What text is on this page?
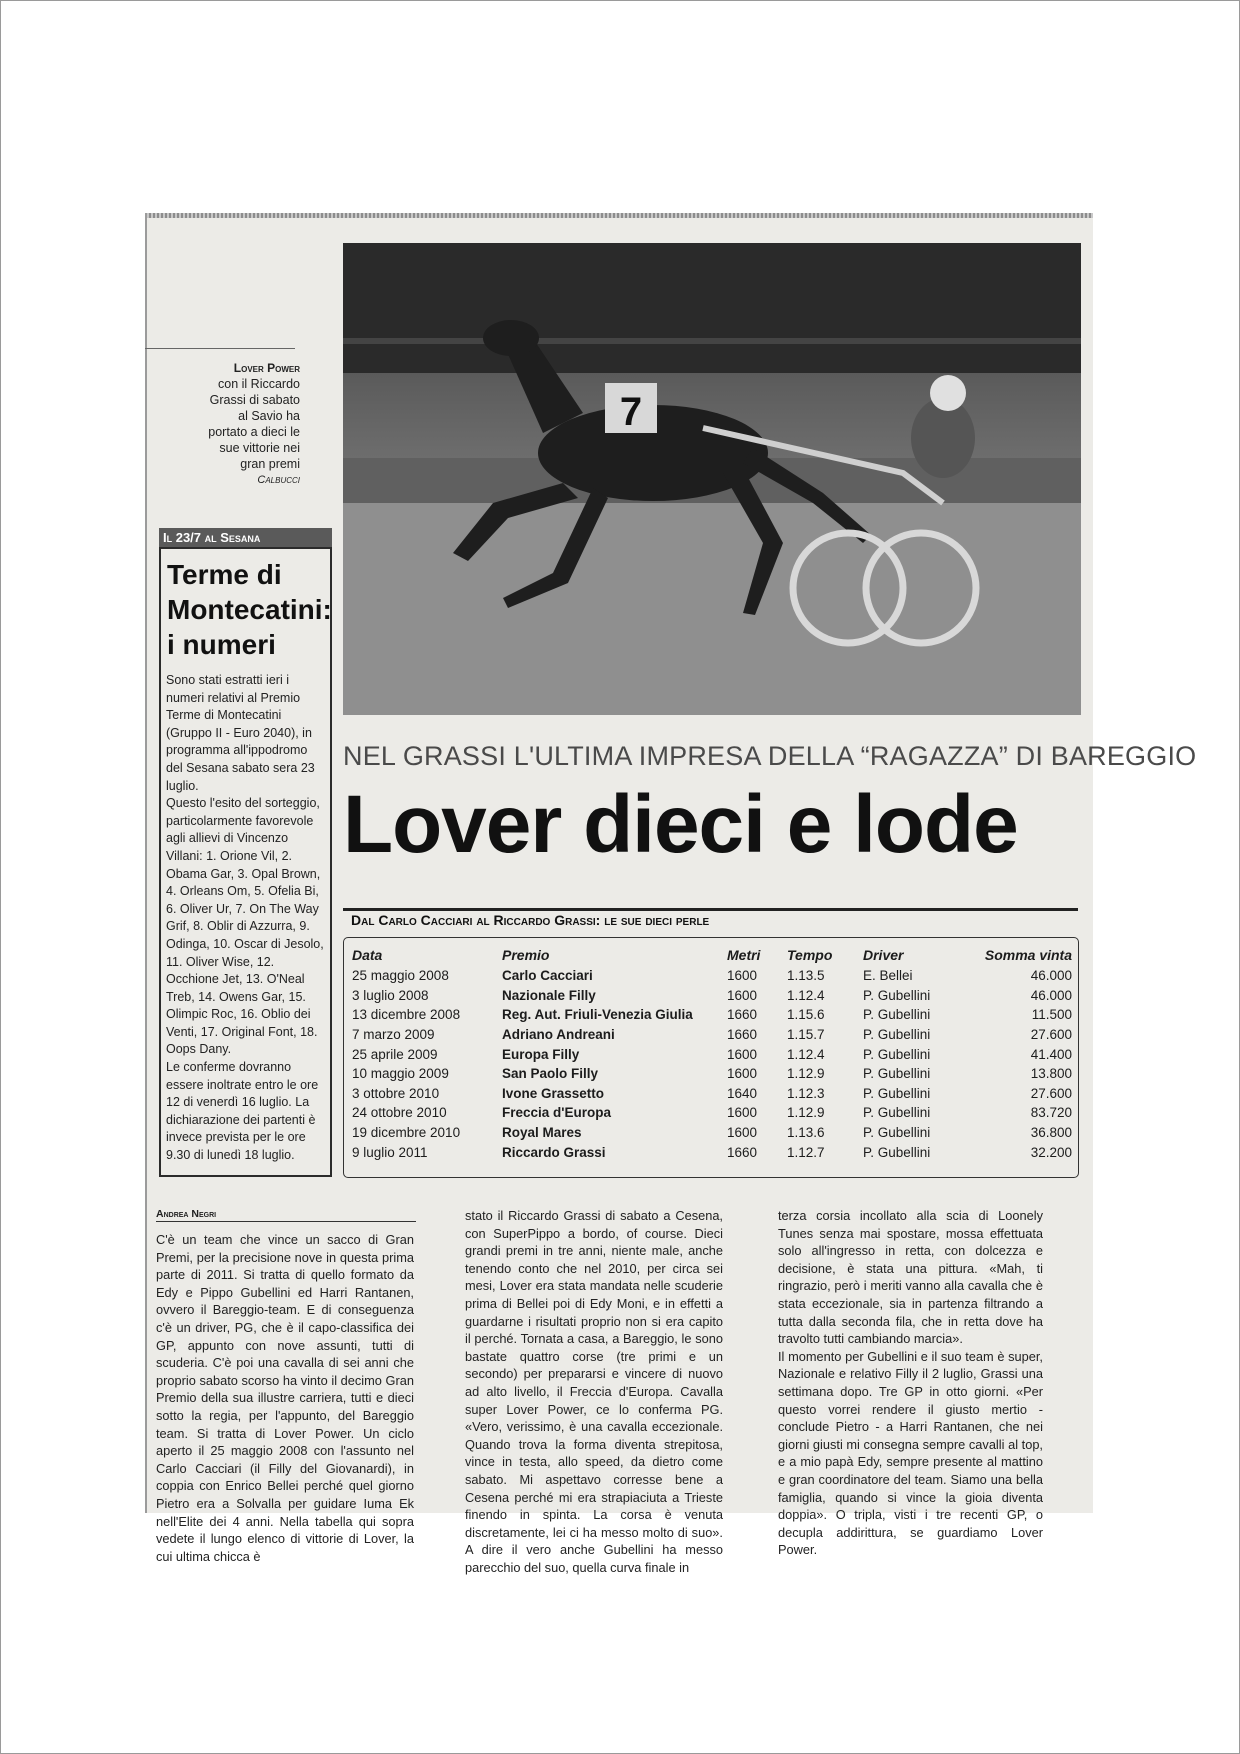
Lover Power
con il Riccardo Grassi di sabato al Savio ha portato a dieci le sue vittorie nei gran premi
Calbucci
7
Il 23/7 al Sesana
Terme di Montecatini: i numeri

Sono stati estratti ieri i numeri relativi al Premio Terme di Montecatini (Gruppo II - Euro 2040), in programma all'ippodromo del Sesana sabato sera 23 luglio.

Questo l'esito del sorteggio, particolarmente favorevole agli allievi di Vincenzo Villani: 1. Orione Vil, 2. Obama Gar, 3. Opal Brown, 4. Orleans Om, 5. Ofelia Bi, 6. Oliver Ur, 7. On The Way Grif, 8. Oblir di Azzurra, 9. Odinga, 10. Oscar di Jesolo, 11. Oliver Wise, 12. Occhione Jet, 13. O'Neal Treb, 14. Owens Gar, 15. Olimpic Roc, 16. Oblio dei Venti, 17. Original Font, 18. Oops Dany.

Le conferme dovranno essere inoltrate entro le ore 12 di venerdì 16 luglio. La dichiarazione dei partenti è invece prevista per le ore 9.30 di lunedì 18 luglio.

NEL GRASSI L'ULTIMA IMPRESA DELLA “RAGAZZA” DI BAREGGIO
Lover dieci e lode
Dal Carlo Cacciari al Riccardo Grassi: le sue dieci perle
Data	Premio	Metri	Tempo	Driver	Somma vinta
25 maggio 2008	Carlo Cacciari	1600	1.13.5	E. Bellei	46.000
3 luglio 2008	Nazionale Filly	1600	1.12.4	P. Gubellini	46.000
13 dicembre 2008	Reg. Aut. Friuli-Venezia Giulia	1660	1.15.6	P. Gubellini	11.500
7 marzo 2009	Adriano Andreani	1660	1.15.7	P. Gubellini	27.600
25 aprile 2009	Europa Filly	1600	1.12.4	P. Gubellini	41.400
10 maggio 2009	San Paolo Filly	1600	1.12.9	P. Gubellini	13.800
3 ottobre 2010	Ivone Grassetto	1640	1.12.3	P. Gubellini	27.600
24 ottobre 2010	Freccia d'Europa	1600	1.12.9	P. Gubellini	83.720
19 dicembre 2010	Royal Mares	1600	1.13.6	P. Gubellini	36.800
9 luglio 2011	Riccardo Grassi	1660	1.12.7	P. Gubellini	32.200
Andrea Negri

C'è un team che vince un sacco di Gran Premi, per la precisione nove in questa prima parte di 2011. Si tratta di quello formato da Edy e Pippo Gubellini ed Harri Rantanen, ovvero il Bareggio-team. E di conseguenza c'è un driver, PG, che è il capo-classifica dei GP, appunto con nove assunti, tutti di scuderia. C'è poi una cavalla di sei anni che proprio sabato scorso ha vinto il decimo Gran Premio della sua illustre carriera, tutti e dieci sotto la regia, per l'appunto, del Bareggio team. Si tratta di Lover Power. Un ciclo aperto il 25 maggio 2008 con l'assunto nel Carlo Cacciari (il Filly del Giovanardi), in coppia con Enrico Bellei perché quel giorno Pietro era a Solvalla per guidare Iuma Ek nell'Elite dei 4 anni. Nella tabella qui sopra vedete il lungo elenco di vittorie di Lover, la cui ultima chicca è

stato il Riccardo Grassi di sabato a Cesena, con SuperPippo a bordo, of course. Dieci grandi premi in tre anni, niente male, anche tenendo conto che nel 2010, per circa sei mesi, Lover era stata mandata nelle scuderie prima di Bellei poi di Edy Moni, e in effetti a guardarne i risultati proprio non si era capito il perché. Tornata a casa, a Bareggio, le sono bastate quattro corse (tre primi e un secondo) per prepararsi e vincere di nuovo ad alto livello, il Freccia d'Europa. Cavalla super Lover Power, ce lo conferma PG. «Vero, verissimo, è una cavalla eccezionale. Quando trova la forma diventa strepitosa, vince in testa, allo speed, da dietro come sabato. Mi aspettavo corresse bene a Cesena perché mi era strapiaciuta a Trieste finendo in spinta. La corsa è venuta discretamente, lei ci ha messo molto di suo». A dire il vero anche Gubellini ha messo parecchio del suo, quella curva finale in

terza corsia incollato alla scia di Loonely Tunes senza mai spostare, mossa effettuata solo all'ingresso in retta, con dolcezza e decisione, è stata una pittura. «Mah, ti ringrazio, però i meriti vanno alla cavalla che è stata eccezionale, sia in partenza filtrando a tutta dalla seconda fila, che in retta dove ha travolto tutti cambiando marcia».

Il momento per Gubellini e il suo team è super, Nazionale e relativo Filly il 2 luglio, Grassi una settimana dopo. Tre GP in otto giorni. «Per questo vorrei rendere il giusto mertio - conclude Pietro - a Harri Rantanen, che nei giorni giusti mi consegna sempre cavalli al top, e a mio papà Edy, sempre presente al mattino e gran coordinatore del team. Siamo una bella famiglia, quando si vince la gioia diventa doppia». O tripla, visti i tre recenti GP, o decupla addirittura, se guardiamo Lover Power.
